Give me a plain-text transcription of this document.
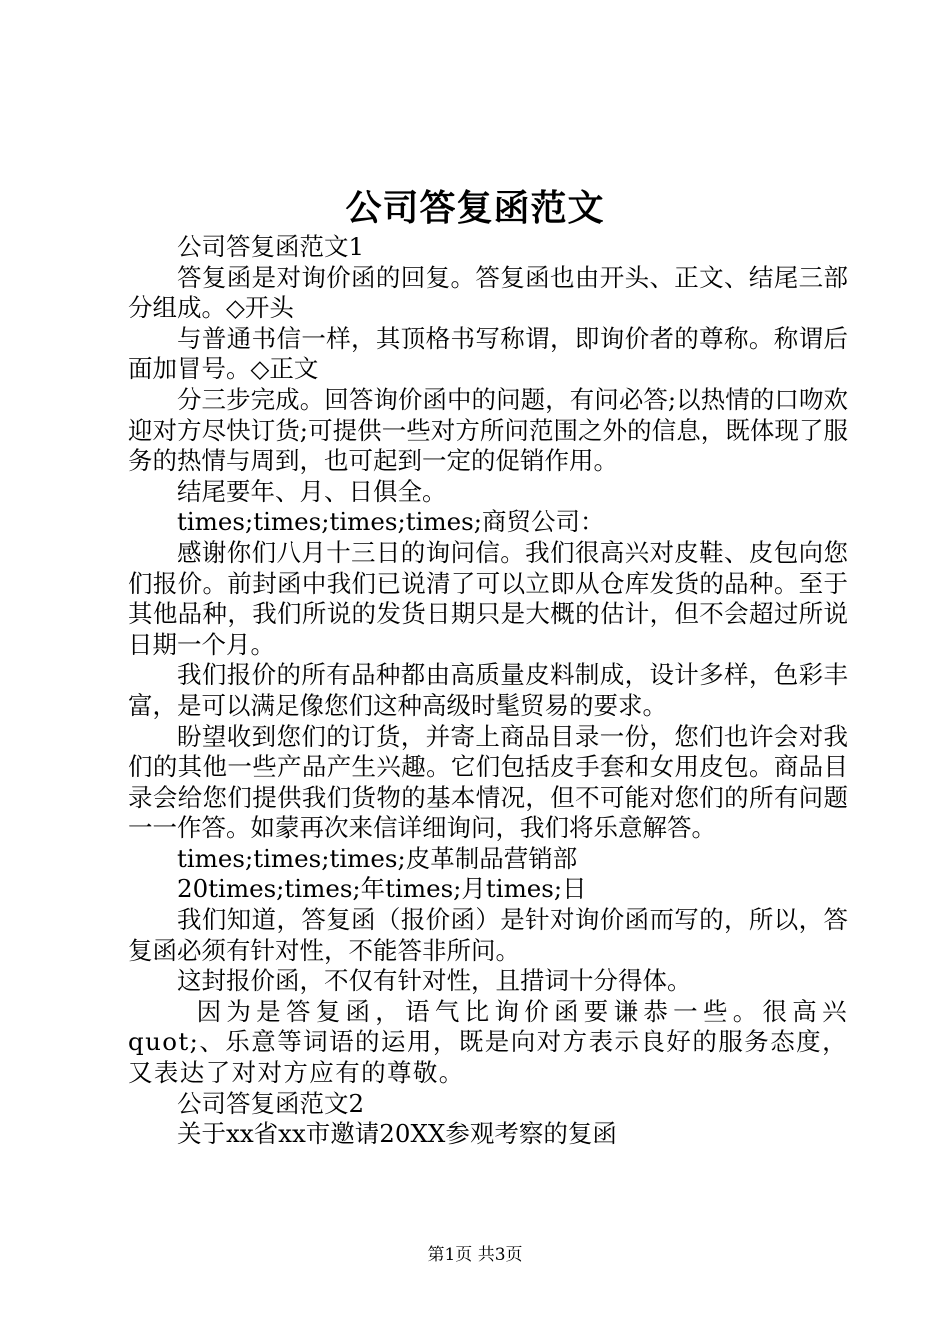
公司答复函范文

公司答复函范文1

答复函是对询价函的回复。答复函也由开头、正文、结尾三部分组成。◇开头

与普通书信一样，其顶格书写称谓，即询价者的尊称。称谓后面加冒号。◇正文

分三步完成。回答询价函中的问题，有问必答;以热情的口吻欢迎对方尽快订货;可提供一些对方所问范围之外的信息，既体现了服务的热情与周到，也可起到一定的促销作用。

结尾要年、月、日俱全。

times;times;times;times;商贸公司：

感谢你们八月十三日的询问信。我们很高兴对皮鞋、皮包向您们报价。前封函中我们已说清了可以立即从仓库发货的品种。至于其他品种，我们所说的发货日期只是大概的估计，但不会超过所说日期一个月。

我们报价的所有品种都由高质量皮料制成，设计多样，色彩丰富，是可以满足像您们这种高级时髦贸易的要求。

盼望收到您们的订货，并寄上商品目录一份，您们也许会对我们的其他一些产品产生兴趣。它们包括皮手套和女用皮包。商品目录会给您们提供我们货物的基本情况，但不可能对您们的所有问题一一作答。如蒙再次来信详细询问，我们将乐意解答。

times;times;times;皮革制品营销部

20times;times;年times;月times;日

我们知道，答复函（报价函）是针对询价函而写的，所以，答复函必须有针对性，不能答非所问。

这封报价函，不仅有针对性，且措词十分得体。

因为是答复函，语气比询价函要谦恭一些。很高兴quot;、乐意等词语的运用，既是向对方表示良好的服务态度，又表达了对对方应有的尊敬。

公司答复函范文2

关于xx省xx市邀请20XX参观考察的复函

第1页 共3页
